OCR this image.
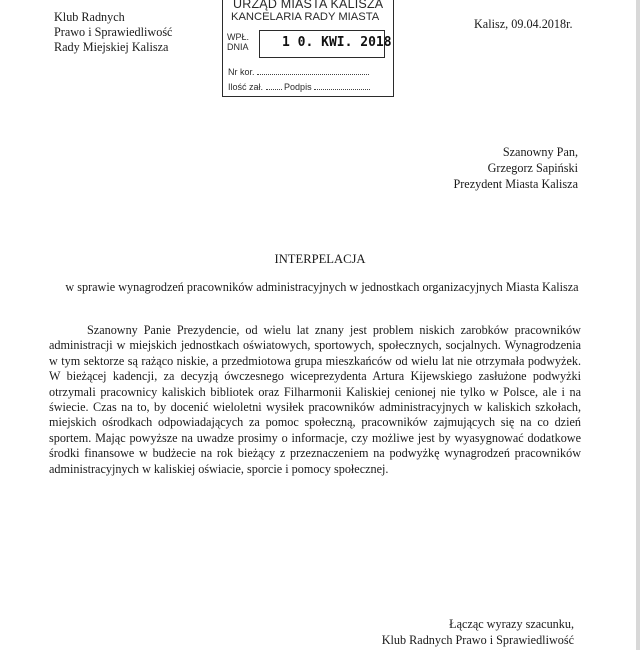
Klub Radnych
Prawo i Sprawiedliwość
Rady Miejskiej Kalisza
URZĄD MIASTA KALISZA
KANCELARIA RADY MIASTA
WPŁ.
DNIA	1 0. KWI. 2018
Nr kor.
Ilość zał. Podpis
Kalisz, 09.04.2018r.
Szanowny Pan,
Grzegorz Sapiński
Prezydent Miasta Kalisza
INTERPELACJA
w sprawie wynagrodzeń pracowników administracyjnych w jednostkach organizacyjnych Miasta Kalisza
Szanowny Panie Prezydencie, od wielu lat znany jest problem niskich zarobków pracowników administracji w miejskich jednostkach oświatowych, sportowych, społecznych, socjalnych. Wynagrodzenia w tym sektorze są rażąco niskie, a przedmiotowa grupa mieszkańców od wielu lat nie otrzymała podwyżek. W bieżącej kadencji, za decyzją ówczesnego wiceprezydenta Artura Kijewskiego zasłużone podwyżki otrzymali pracownicy kaliskich bibliotek oraz Filharmonii Kaliskiej cenionej nie tylko w Polsce, ale i na świecie. Czas na to, by docenić wieloletni wysiłek pracowników administracyjnych w kaliskich szkołach, miejskich ośrodkach odpowiadających za pomoc społeczną, pracowników zajmujących się na co dzień sportem. Mając powyższe na uwadze prosimy o informacje, czy możliwe jest by wyasygnować dodatkowe środki finansowe w budżecie na rok bieżący z przeznaczeniem na podwyżkę wynagrodzeń pracowników administracyjnych w kaliskiej oświacie, sporcie i pomocy społecznej.
Łącząc wyrazy szacunku,
Klub Radnych Prawo i Sprawiedliwość
